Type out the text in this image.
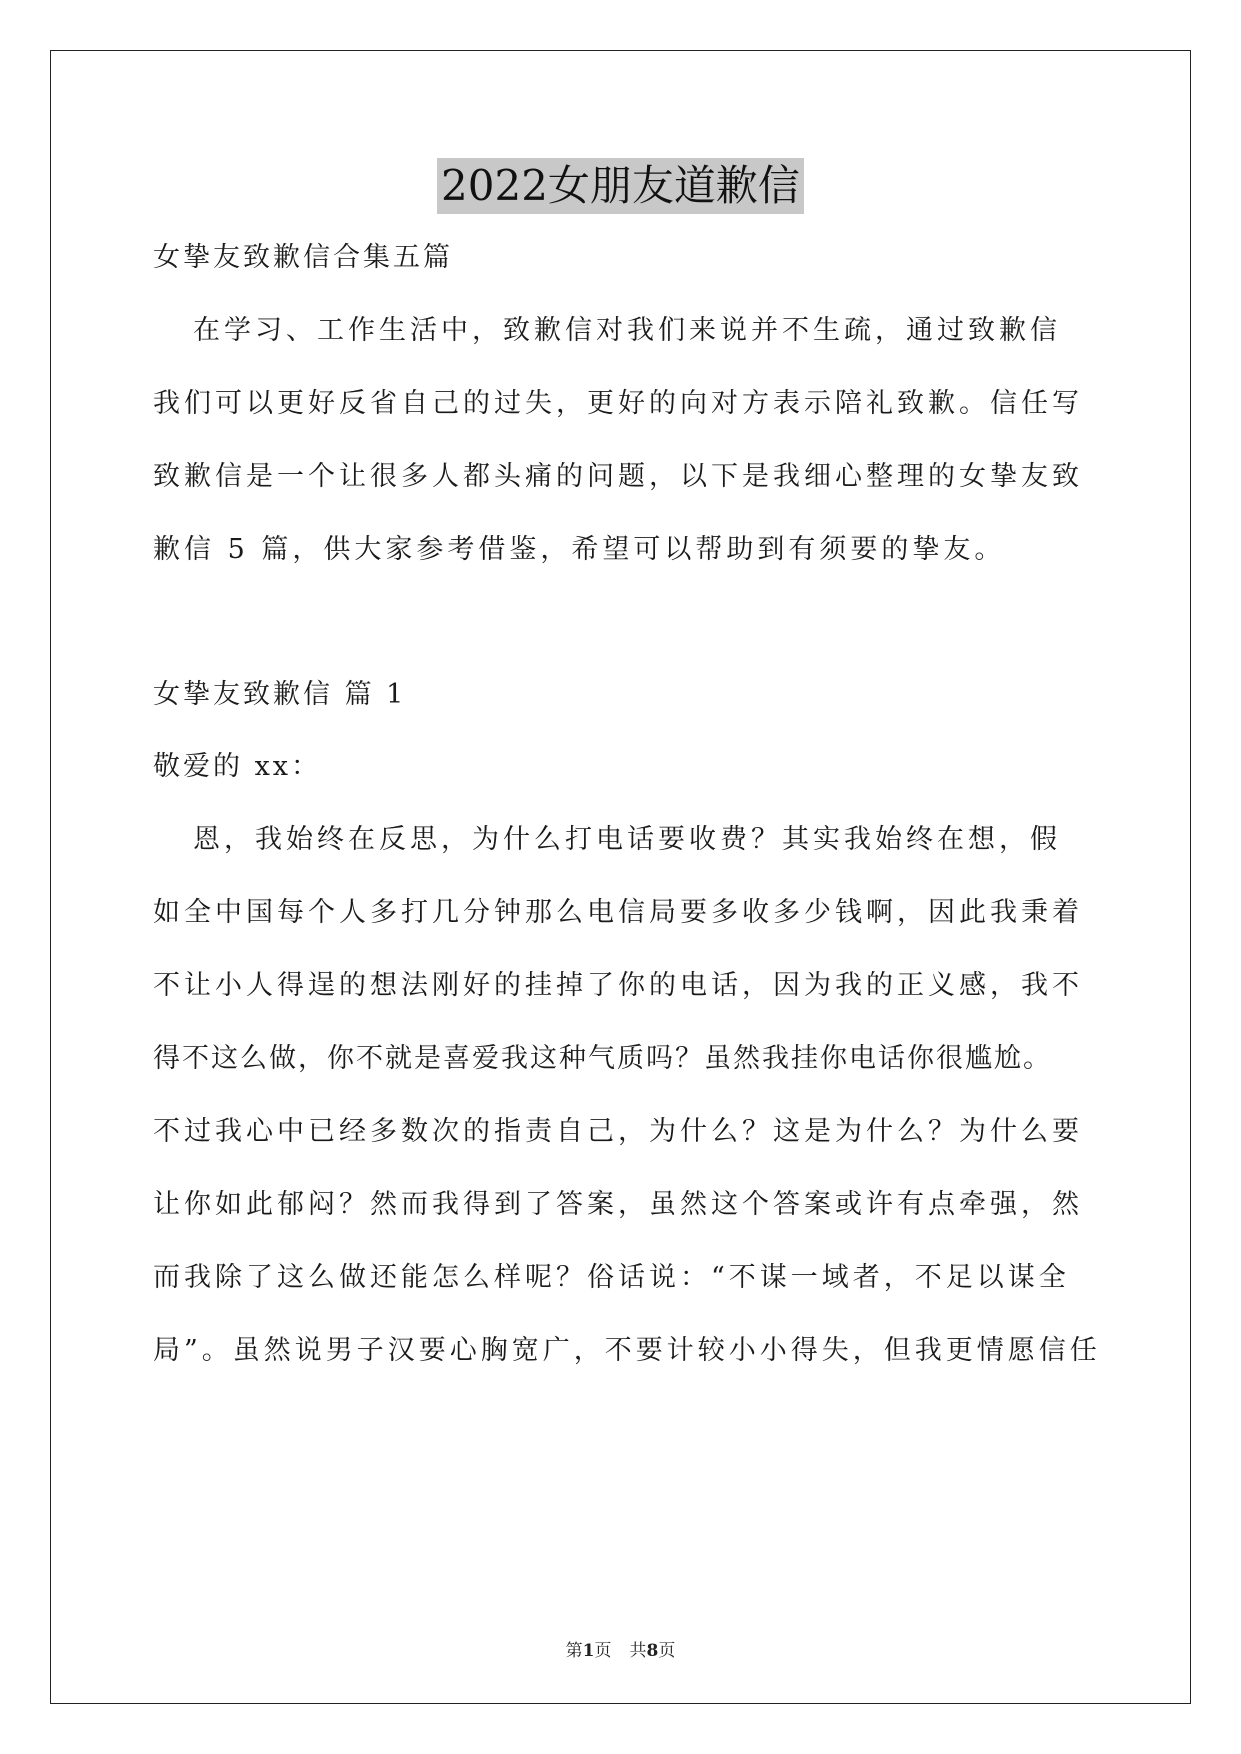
2022女朋友道歉信
女挚友致歉信合集五篇
在学习、工作生活中，致歉信对我们来说并不生疏，通过致歉信
我们可以更好反省自己的过失，更好的向对方表示陪礼致歉。信任写
致歉信是一个让很多人都头痛的问题，以下是我细心整理的女挚友致
歉信 5 篇，供大家参考借鉴，希望可以帮助到有须要的挚友。
女挚友致歉信 篇 1
敬爱的 xx：
恩，我始终在反思，为什么打电话要收费？其实我始终在想，假
如全中国每个人多打几分钟那么电信局要多收多少钱啊，因此我秉着
不让小人得逞的想法刚好的挂掉了你的电话，因为我的正义感，我不
得不这么做，你不就是喜爱我这种气质吗？虽然我挂你电话你很尴尬。
不过我心中已经多数次的指责自己，为什么？这是为什么？为什么要
让你如此郁闷？然而我得到了答案，虽然这个答案或许有点牵强，然
而我除了这么做还能怎么样呢？俗话说：“不谋一域者，不足以谋全
局”。虽然说男子汉要心胸宽广，不要计较小小得失，但我更情愿信任
第1页 共8页
